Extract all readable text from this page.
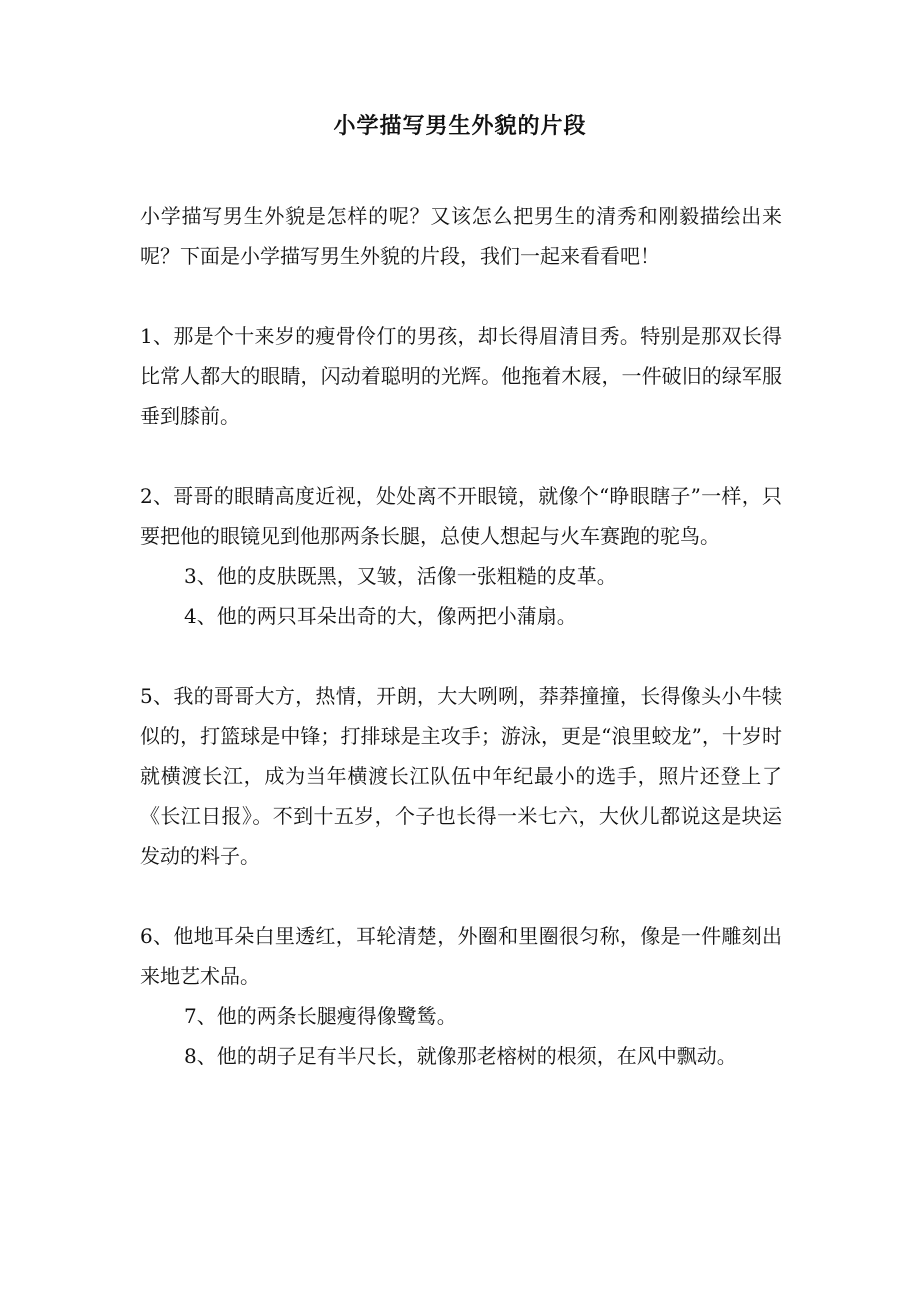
小学描写男生外貌的片段

小学描写男生外貌是怎样的呢？又该怎么把男生的清秀和刚毅描绘出来呢？下面是小学描写男生外貌的片段，我们一起来看看吧！

1、那是个十来岁的瘦骨伶仃的男孩，却长得眉清目秀。特别是那双长得比常人都大的眼睛，闪动着聪明的光辉。他拖着木屐，一件破旧的绿军服垂到膝前。

2、哥哥的眼睛高度近视，处处离不开眼镜，就像个“睁眼瞎子”一样，只要把他的眼镜见到他那两条长腿，总使人想起与火车赛跑的驼鸟。

3、他的皮肤既黑，又皱，活像一张粗糙的皮革。

4、他的两只耳朵出奇的大，像两把小蒲扇。

5、我的哥哥大方，热情，开朗，大大咧咧，莽莽撞撞，长得像头小牛犊似的，打篮球是中锋；打排球是主攻手；游泳，更是“浪里蛟龙”，十岁时就横渡长江，成为当年横渡长江队伍中年纪最小的选手，照片还登上了《长江日报》。不到十五岁，个子也长得一米七六，大伙儿都说这是块运发动的料子。

6、他地耳朵白里透红，耳轮清楚，外圈和里圈很匀称，像是一件雕刻出来地艺术品。

7、他的两条长腿瘦得像鹭鸶。

8、他的胡子足有半尺长，就像那老榕树的根须，在风中飘动。
